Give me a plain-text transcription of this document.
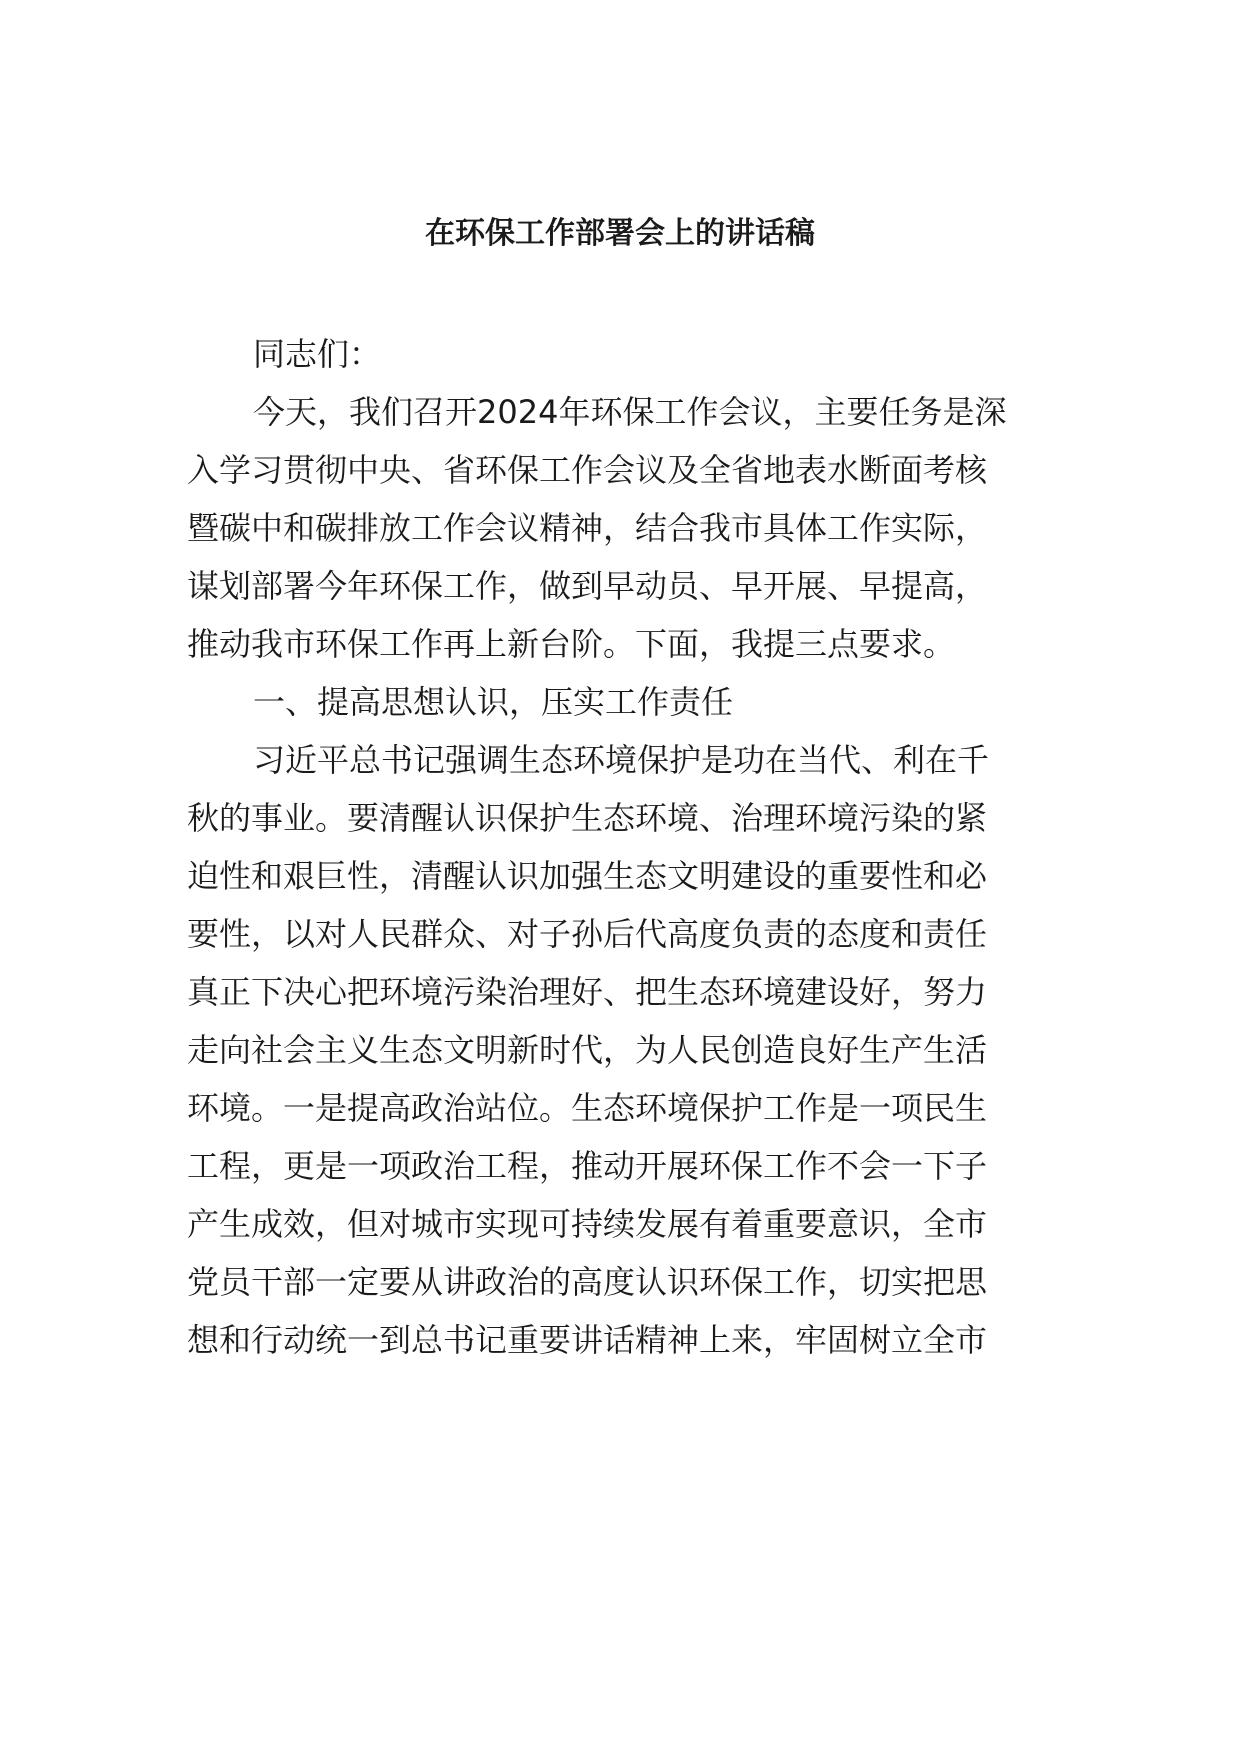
在环保工作部署会上的讲话稿
同志们：
今天，我们召开2024年环保工作会议，主要任务是深
入学习贯彻中央、省环保工作会议及全省地表水断面考核
暨碳中和碳排放工作会议精神，结合我市具体工作实际，
谋划部署今年环保工作，做到早动员、早开展、早提高，
推动我市环保工作再上新台阶。下面，我提三点要求。
一、提高思想认识，压实工作责任
习近平总书记强调生态环境保护是功在当代、利在千
秋的事业。要清醒认识保护生态环境、治理环境污染的紧
迫性和艰巨性，清醒认识加强生态文明建设的重要性和必
要性，以对人民群众、对子孙后代高度负责的态度和责任
真正下决心把环境污染治理好、把生态环境建设好，努力
走向社会主义生态文明新时代，为人民创造良好生产生活
环境。一是提高政治站位。生态环境保护工作是一项民生
工程，更是一项政治工程，推动开展环保工作不会一下子
产生成效，但对城市实现可持续发展有着重要意识，全市
党员干部一定要从讲政治的高度认识环保工作，切实把思
想和行动统一到总书记重要讲话精神上来，牢固树立全市
